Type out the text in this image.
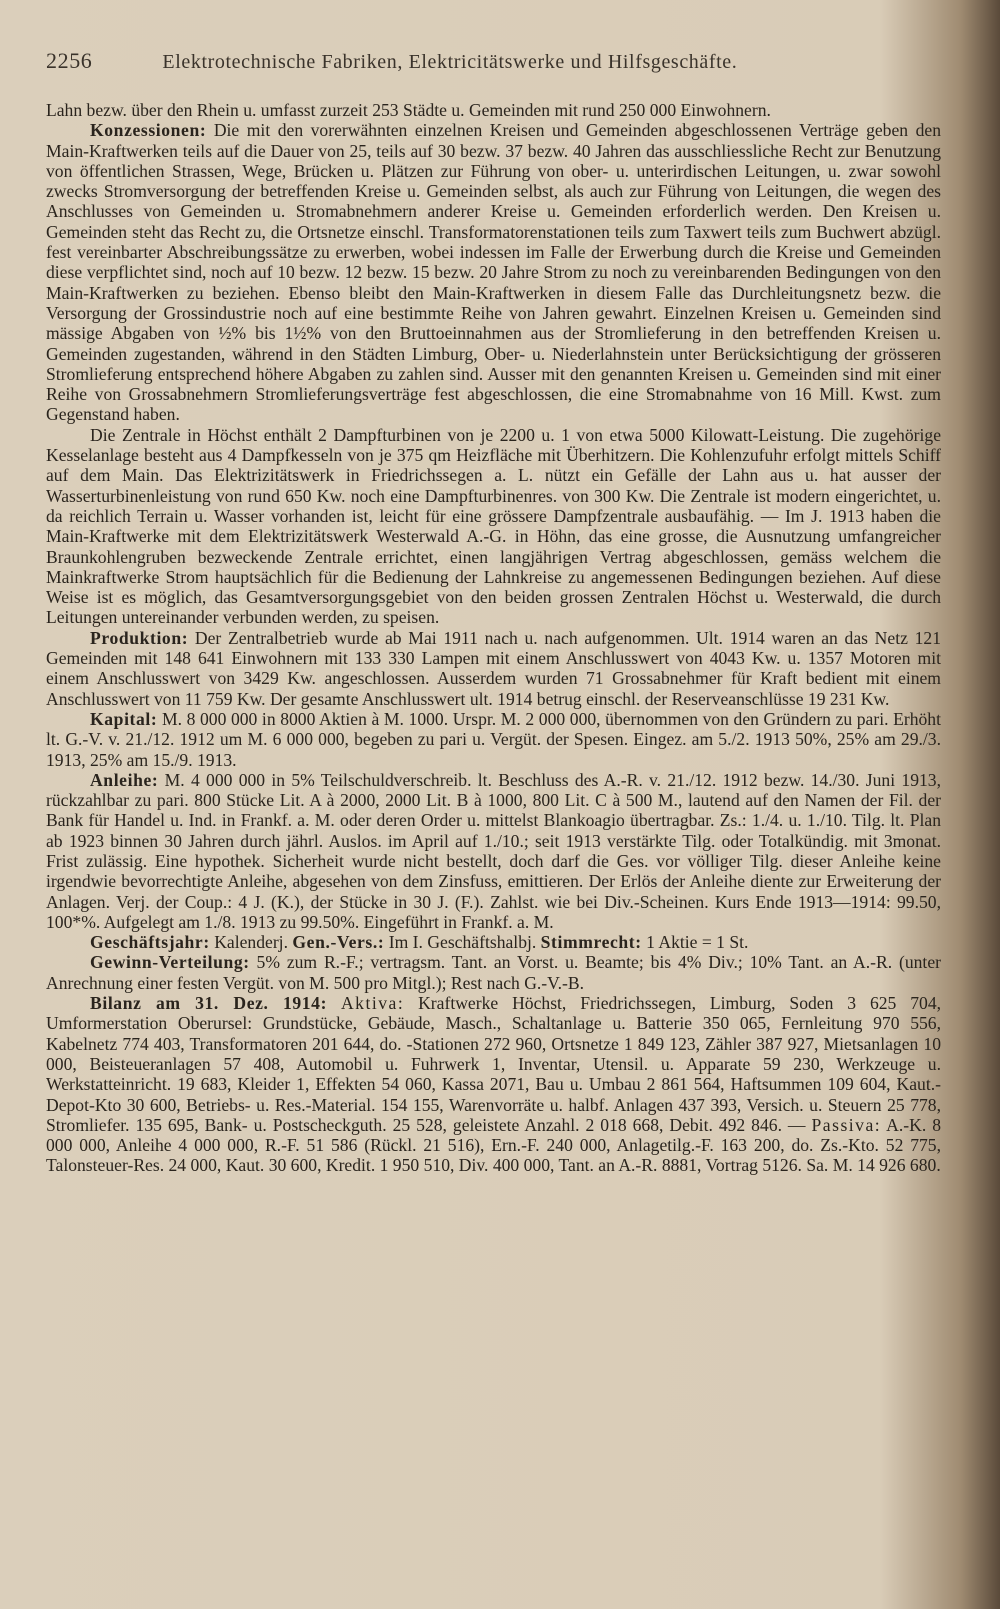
2256	Elektrotechnische Fabriken, Elektricitätswerke und Hilfsgeschäfte.

Lahn bezw. über den Rhein u. umfasst zurzeit 253 Städte u. Gemeinden mit rund 250 000 Einwohnern.

Konzessionen: Die mit den vorerwähnten einzelnen Kreisen und Gemeinden abgeschlossenen Verträge geben den Main-Kraftwerken teils auf die Dauer von 25, teils auf 30 bezw. 37 bezw. 40 Jahren das ausschliessliche Recht zur Benutzung von öffentlichen Strassen, Wege, Brücken u. Plätzen zur Führung von ober- u. unterirdischen Leitungen, u. zwar sowohl zwecks Stromversorgung der betreffenden Kreise u. Gemeinden selbst, als auch zur Führung von Leitungen, die wegen des Anschlusses von Gemeinden u. Stromabnehmern anderer Kreise u. Gemeinden erforderlich werden. Den Kreisen u. Gemeinden steht das Recht zu, die Ortsnetze einschl. Transformatorenstationen teils zum Taxwert teils zum Buchwert abzügl. fest vereinbarter Abschreibungssätze zu erwerben, wobei indessen im Falle der Erwerbung durch die Kreise und Gemeinden diese verpflichtet sind, noch auf 10 bezw. 12 bezw. 15 bezw. 20 Jahre Strom zu noch zu vereinbarenden Bedingungen von den Main-Kraftwerken zu beziehen. Ebenso bleibt den Main-Kraftwerken in diesem Falle das Durchleitungsnetz bezw. die Versorgung der Grossindustrie noch auf eine bestimmte Reihe von Jahren gewahrt. Einzelnen Kreisen u. Gemeinden sind mässige Abgaben von ½% bis 1½% von den Bruttoeinnahmen aus der Stromlieferung in den betreffenden Kreisen u. Gemeinden zugestanden, während in den Städten Limburg, Ober- u. Niederlahnstein unter Berücksichtigung der grösseren Stromlieferung entsprechend höhere Abgaben zu zahlen sind. Ausser mit den genannten Kreisen u. Gemeinden sind mit einer Reihe von Grossabnehmern Stromlieferungsverträge fest abgeschlossen, die eine Stromabnahme von 16 Mill. Kwst. zum Gegenstand haben.

Die Zentrale in Höchst enthält 2 Dampfturbinen von je 2200 u. 1 von etwa 5000 Kilowatt-Leistung. Die zugehörige Kesselanlage besteht aus 4 Dampfkesseln von je 375 qm Heizfläche mit Überhitzern. Die Kohlenzufuhr erfolgt mittels Schiff auf dem Main. Das Elektrizitätswerk in Friedrichssegen a. L. nützt ein Gefälle der Lahn aus u. hat ausser der Wasserturbinenleistung von rund 650 Kw. noch eine Dampfturbinenres. von 300 Kw. Die Zentrale ist modern eingerichtet, u. da reichlich Terrain u. Wasser vorhanden ist, leicht für eine grössere Dampfzentrale ausbaufähig. — Im J. 1913 haben die Main-Kraftwerke mit dem Elektrizitätswerk Westerwald A.-G. in Höhn, das eine grosse, die Ausnutzung umfangreicher Braunkohlengruben bezweckende Zentrale errichtet, einen langjährigen Vertrag abgeschlossen, gemäss welchem die Mainkraftwerke Strom hauptsächlich für die Bedienung der Lahnkreise zu angemessenen Bedingungen beziehen. Auf diese Weise ist es möglich, das Gesamtversorgungsgebiet von den beiden grossen Zentralen Höchst u. Westerwald, die durch Leitungen untereinander verbunden werden, zu speisen.

Produktion: Der Zentralbetrieb wurde ab Mai 1911 nach u. nach aufgenommen. Ult. 1914 waren an das Netz 121 Gemeinden mit 148 641 Einwohnern mit 133 330 Lampen mit einem Anschlusswert von 4043 Kw. u. 1357 Motoren mit einem Anschlusswert von 3429 Kw. angeschlossen. Ausserdem wurden 71 Grossabnehmer für Kraft bedient mit einem Anschlusswert von 11 759 Kw. Der gesamte Anschlusswert ult. 1914 betrug einschl. der Reserveanschlüsse 19 231 Kw.

Kapital: M. 8 000 000 in 8000 Aktien à M. 1000. Urspr. M. 2 000 000, übernommen von den Gründern zu pari. Erhöht lt. G.-V. v. 21./12. 1912 um M. 6 000 000, begeben zu pari u. Vergüt. der Spesen. Eingez. am 5./2. 1913 50%, 25% am 29./3. 1913, 25% am 15./9. 1913.

Anleihe: M. 4 000 000 in 5% Teilschuldverschreib. lt. Beschluss des A.-R. v. 21./12. 1912 bezw. 14./30. Juni 1913, rückzahlbar zu pari. 800 Stücke Lit. A à 2000, 2000 Lit. B à 1000, 800 Lit. C à 500 M., lautend auf den Namen der Fil. der Bank für Handel u. Ind. in Frankf. a. M. oder deren Order u. mittelst Blankoagio übertragbar. Zs.: 1./4. u. 1./10. Tilg. lt. Plan ab 1923 binnen 30 Jahren durch jährl. Auslos. im April auf 1./10.; seit 1913 verstärkte Tilg. oder Totalkündig. mit 3monat. Frist zulässig. Eine hypothek. Sicherheit wurde nicht bestellt, doch darf die Ges. vor völliger Tilg. dieser Anleihe keine irgendwie bevorrechtigte Anleihe, abgesehen von dem Zinsfuss, emittieren. Der Erlös der Anleihe diente zur Erweiterung der Anlagen. Verj. der Coup.: 4 J. (K.), der Stücke in 30 J. (F.). Zahlst. wie bei Div.-Scheinen. Kurs Ende 1913—1914: 99.50, 100*%. Aufgelegt am 1./8. 1913 zu 99.50%. Eingeführt in Frankf. a. M.

Geschäftsjahr: Kalenderj. Gen.-Vers.: Im I. Geschäftshalbj. Stimmrecht: 1 Aktie = 1 St.

Gewinn-Verteilung: 5% zum R.-F.; vertragsm. Tant. an Vorst. u. Beamte; bis 4% Div.; 10% Tant. an A.-R. (unter Anrechnung einer festen Vergüt. von M. 500 pro Mitgl.); Rest nach G.-V.-B.

Bilanz am 31. Dez. 1914: Aktiva: Kraftwerke Höchst, Friedrichssegen, Limburg, Soden 3 625 704, Umformerstation Oberursel: Grundstücke, Gebäude, Masch., Schaltanlage u. Batterie 350 065, Fernleitung 970 556, Kabelnetz 774 403, Transformatoren 201 644, do. -Stationen 272 960, Ortsnetze 1 849 123, Zähler 387 927, Mietsanlagen 10 000, Beisteueranlagen 57 408, Automobil u. Fuhrwerk 1, Inventar, Utensil. u. Apparate 59 230, Werkzeuge u. Werkstatteinricht. 19 683, Kleider 1, Effekten 54 060, Kassa 2071, Bau u. Umbau 2 861 564, Haftsummen 109 604, Kaut.-Depot-Kto 30 600, Betriebs- u. Res.-Material. 154 155, Warenvorräte u. halbf. Anlagen 437 393, Versich. u. Steuern 25 778, Stromliefer. 135 695, Bank- u. Postscheckguth. 25 528, geleistete Anzahl. 2 018 668, Debit. 492 846. — Passiva: A.-K. 8 000 000, Anleihe 4 000 000, R.-F. 51 586 (Rückl. 21 516), Ern.-F. 240 000, Anlagetilg.-F. 163 200, do. Zs.-Kto. 52 775, Talonsteuer-Res. 24 000, Kaut. 30 600, Kredit. 1 950 510, Div. 400 000, Tant. an A.-R. 8881, Vortrag 5126. Sa. M. 14 926 680.
